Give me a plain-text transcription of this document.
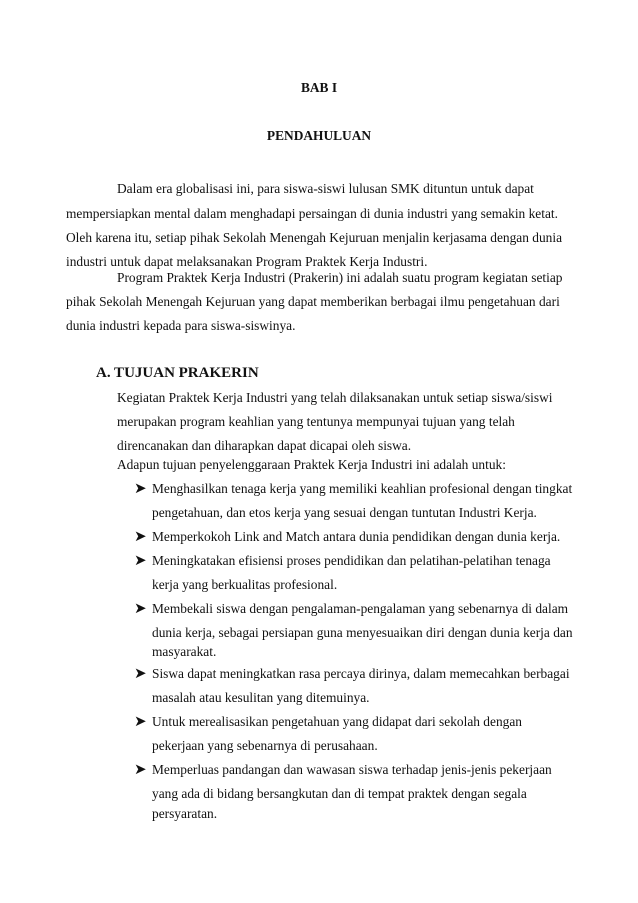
BAB I
PENDAHULUAN
Dalam era globalisasi ini, para siswa-siswi lulusan SMK dituntun untuk dapat
mempersiapkan mental dalam menghadapi persaingan di dunia industri yang semakin ketat.
Oleh karena itu, setiap pihak Sekolah Menengah Kejuruan menjalin kerjasama dengan dunia
industri untuk dapat melaksanakan Program Praktek Kerja Industri.
Program Praktek Kerja Industri (Prakerin) ini adalah suatu program kegiatan setiap
pihak Sekolah Menengah Kejuruan yang dapat memberikan berbagai ilmu pengetahuan dari
dunia industri kepada para siswa-siswinya.
A. TUJUAN PRAKERIN
Kegiatan Praktek Kerja Industri yang telah dilaksanakan untuk setiap siswa/siswi
merupakan program keahlian yang tentunya mempunyai tujuan yang telah
direncanakan dan diharapkan dapat dicapai oleh siswa.
Adapun tujuan penyelenggaraan Praktek Kerja Industri ini adalah untuk:
➤ Menghasilkan tenaga kerja yang memiliki keahlian profesional dengan tingkat
pengetahuan, dan etos kerja yang sesuai dengan tuntutan Industri Kerja.
➤ Memperkokoh Link and Match antara dunia pendidikan dengan dunia kerja.
➤ Meningkatakan efisiensi proses pendidikan dan pelatihan-pelatihan tenaga
kerja yang berkualitas profesional.
➤ Membekali siswa dengan pengalaman-pengalaman yang sebenarnya di dalam
dunia kerja, sebagai persiapan guna menyesuaikan diri dengan dunia kerja dan
masyarakat.
➤ Siswa dapat meningkatkan rasa percaya dirinya, dalam memecahkan berbagai
masalah atau kesulitan yang ditemuinya.
➤ Untuk merealisasikan pengetahuan yang didapat dari sekolah dengan
pekerjaan yang sebenarnya di perusahaan.
➤ Memperluas pandangan dan wawasan siswa terhadap jenis-jenis pekerjaan
yang ada di bidang bersangkutan dan di tempat praktek dengan segala
persyaratan.
